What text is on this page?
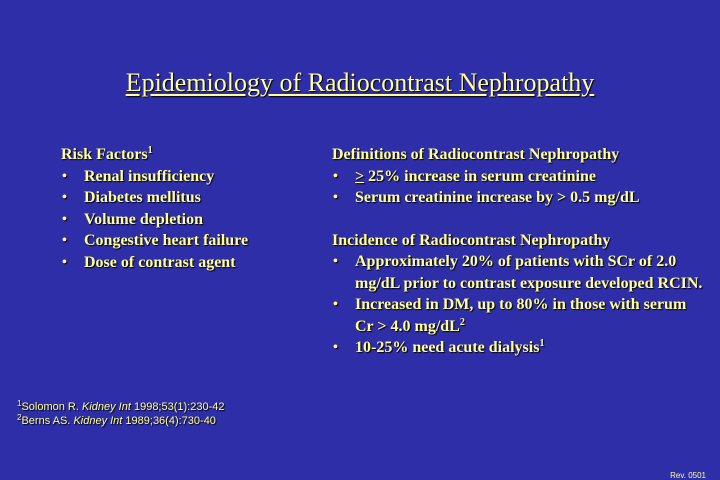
Epidemiology of Radiocontrast Nephropathy
Risk Factors$^1$
• Renal insufficiency
• Diabetes mellitus
• Volume depletion
• Congestive heart failure
• Dose of contrast agent
Definitions of Radiocontrast Nephropathy
• ≥ 25% increase in serum creatinine
• Serum creatinine increase by > 0.5 mg/dL
Incidence of Radiocontrast Nephropathy
• Approximately 20% of patients with SCr of 2.0 mg/dL prior to contrast exposure developed RCIN.
• Increased in DM, up to 80% in those with serum Cr > 4.0 $mg/dL^2$
• 10-25% need acute dialysis$^1$
$^1$Solomon R. Kidney Int 1998;53(1):230-42
$^2$Berns AS. Kidney Int 1989;36(4):730-40
Rev. 0501
